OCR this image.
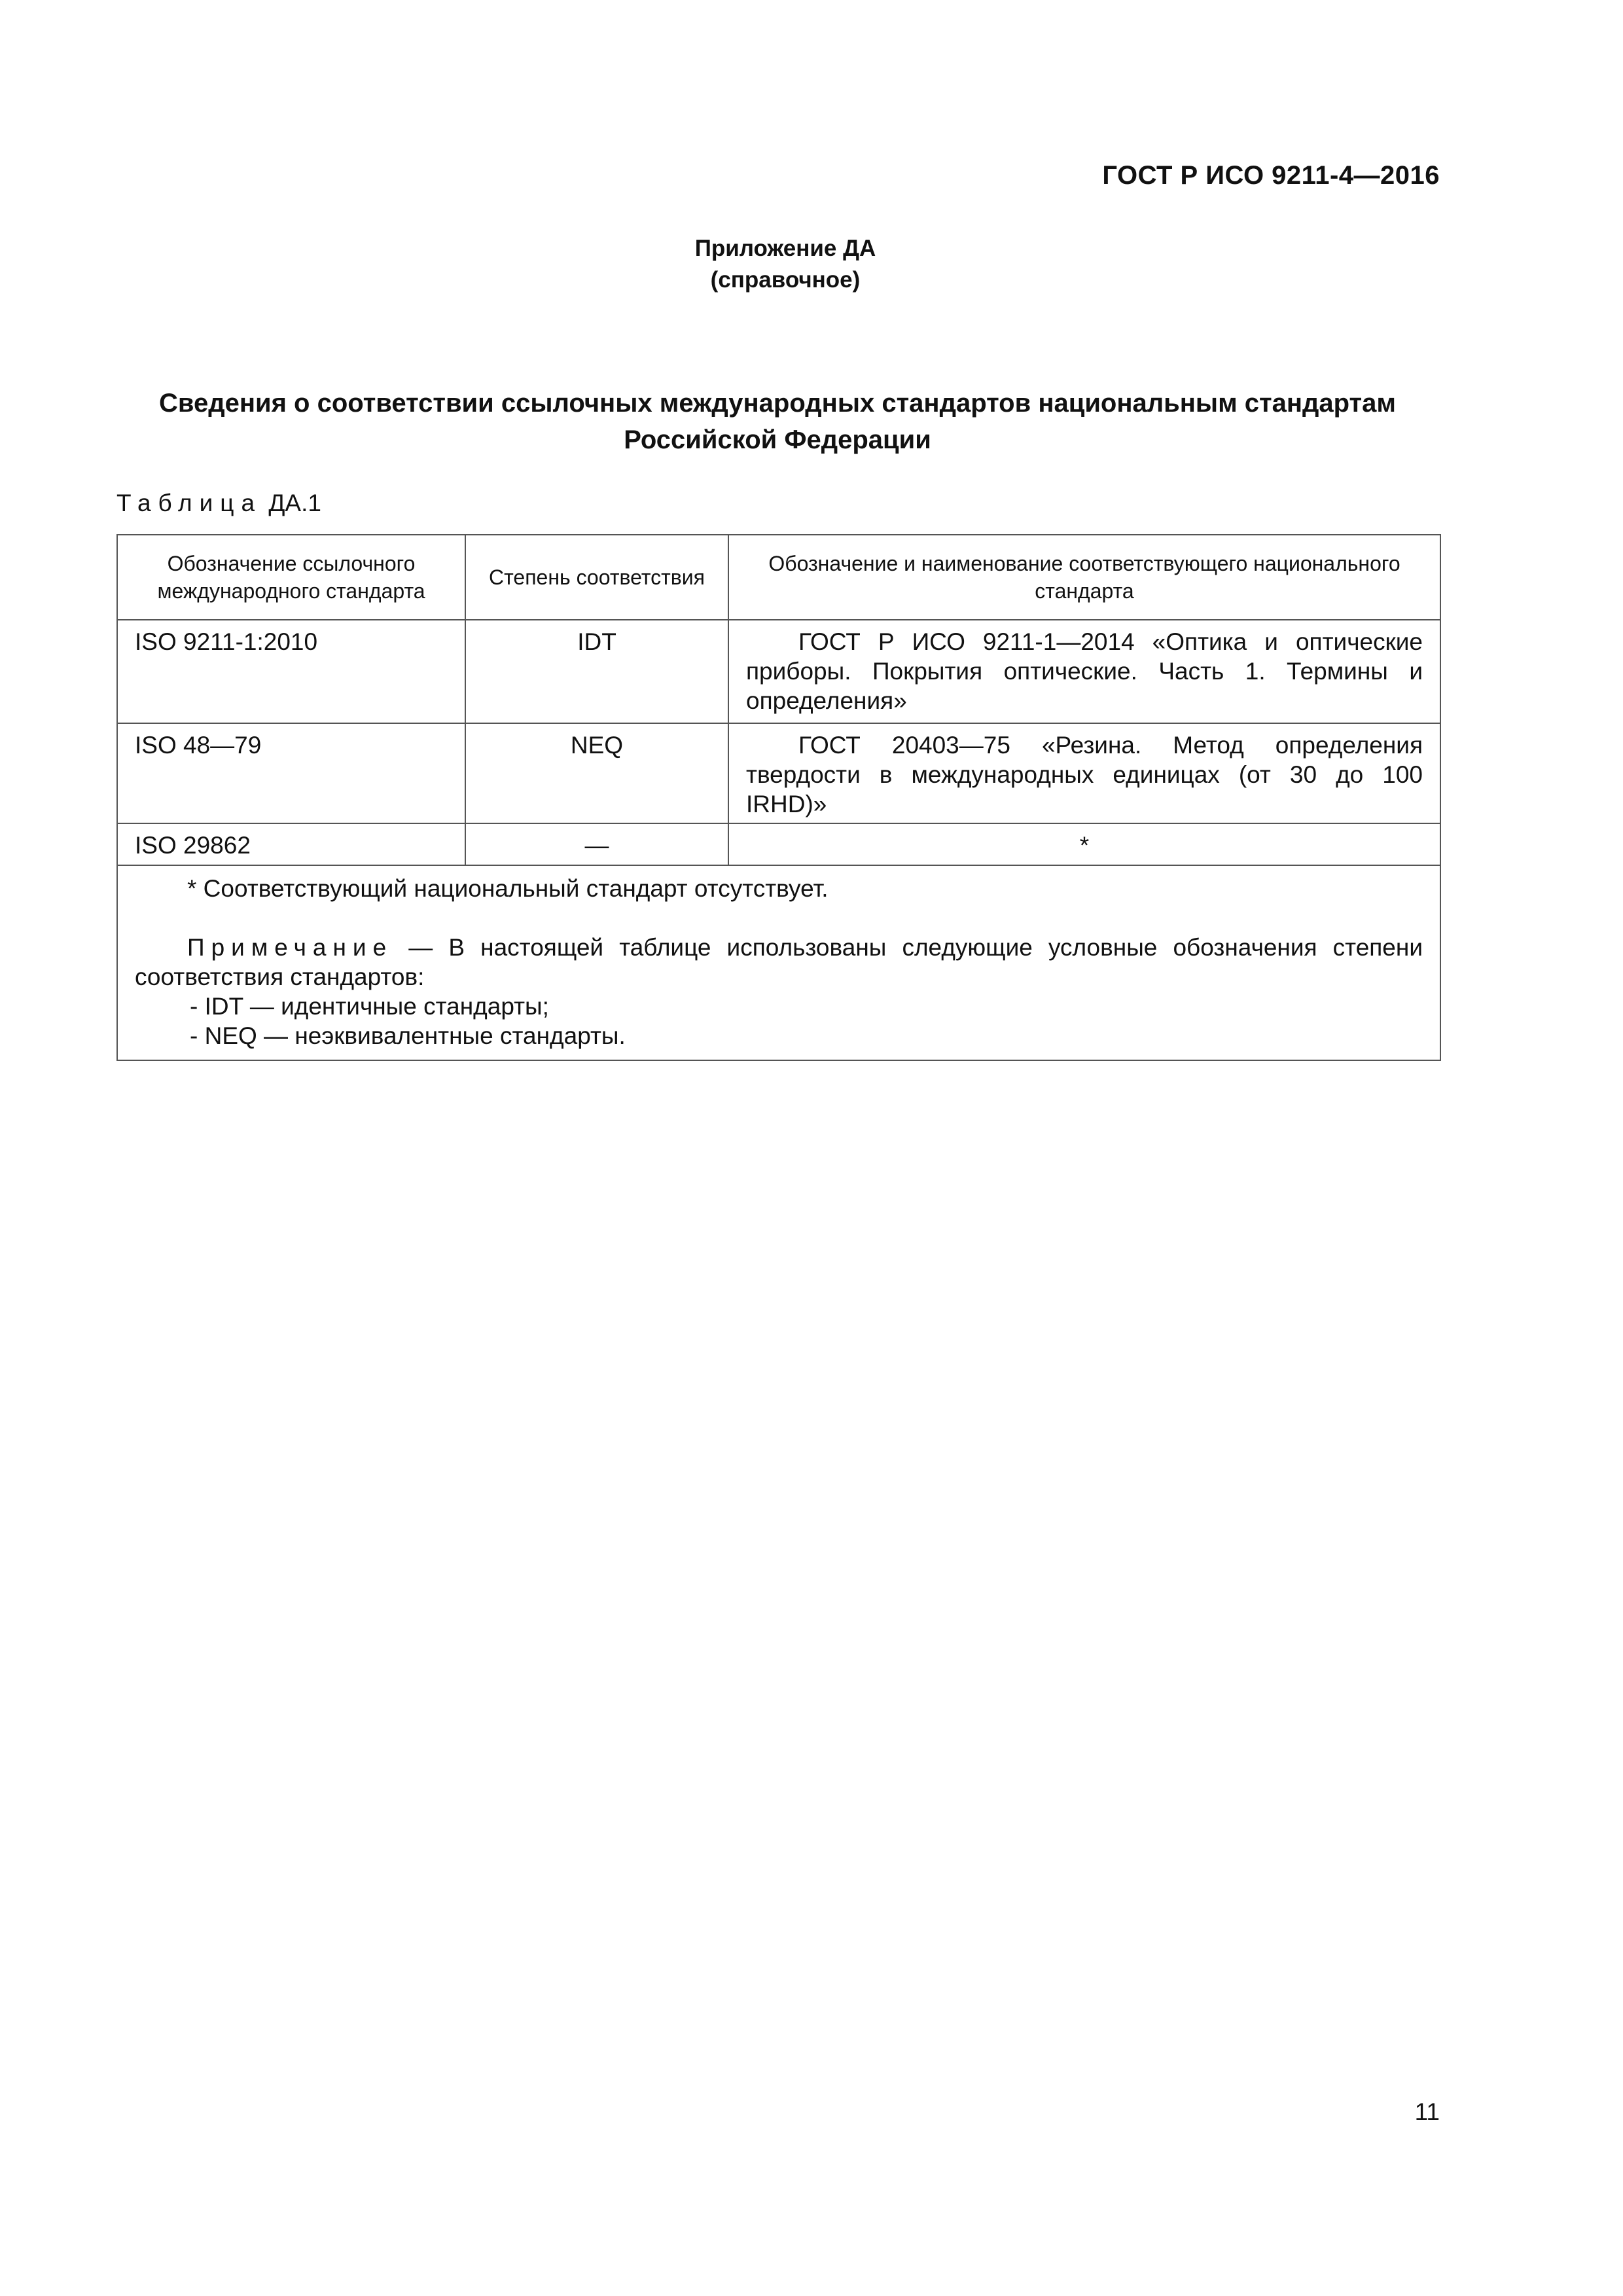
ГОСТ Р ИСО 9211-4—2016
Приложение ДА
(справочное)
Сведения о соответствии ссылочных международных стандартов национальным стандартам
Российской Федерации
Таблица ДА.1
Обозначение ссылочного международного стандарта	Степень соответствия	Обозначение и наименование соответствующего национального стандарта
ISO 9211-1:2010	IDT	ГОСТ Р ИСО 9211-1—2014 «Оптика и оптические приборы. Покрытия оптические. Часть 1. Термины и определения»
ISO 48—79	NEQ	ГОСТ 20403—75 «Резина. Метод определения твердости в международных единицах (от 30 до 100 IRHD)»
ISO 29862	—	*

* Соответствующий национальный стандарт отсутствует.
Примечание — В настоящей таблице использованы следующие условные обозначения степени соответствия стандартов:
- IDT — идентичные стандарты;
- NEQ — неэквивалентные стандарты.		
11
